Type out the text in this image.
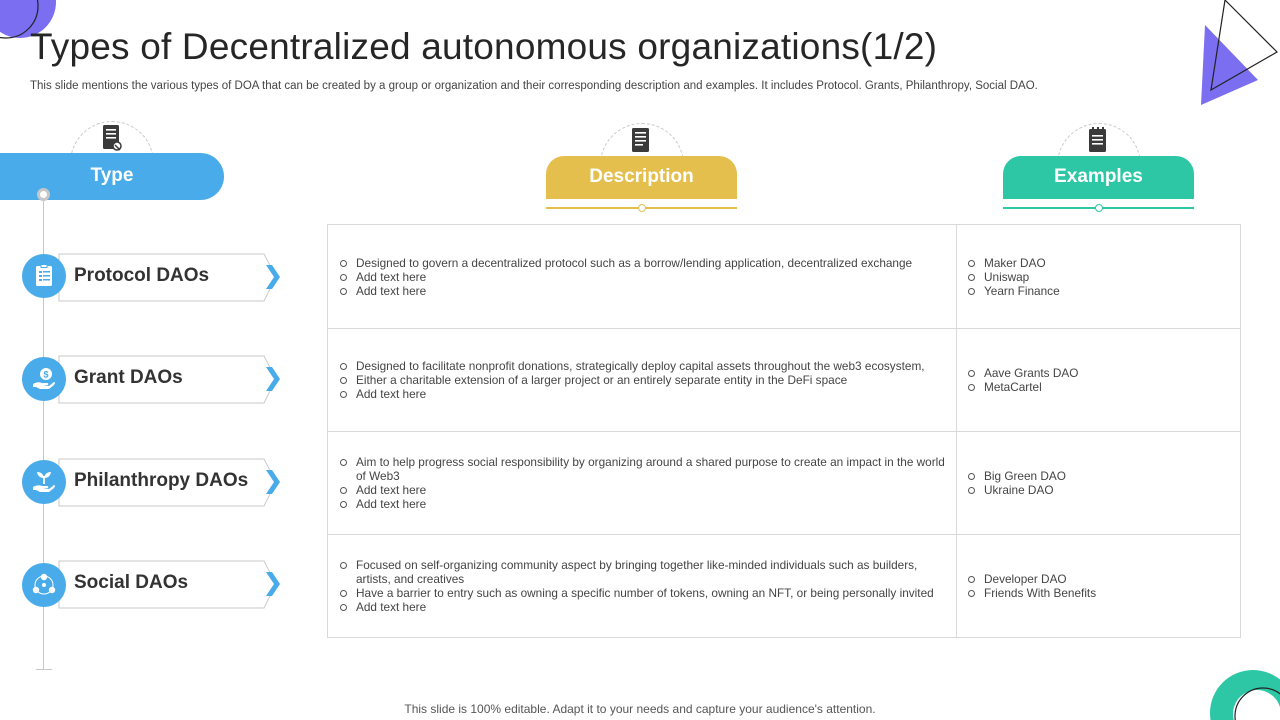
Types of Decentralized autonomous organizations(1/2)
This slide mentions the various types of DOA that can be created by a group or organization and their corresponding description and examples. It includes Protocol. Grants, Philanthropy, Social DAO.
Type	Description	Examples
Protocol DAOs
Grant DAOs
$
Philanthropy DAOs
Social DAOs
Designed to govern a decentralized protocol such as a borrow/lending application, decentralized exchange
Add text here
Add text here
Maker DAO
Uniswap
Yearn Finance
Designed to facilitate nonprofit donations, strategically deploy capital assets throughout the web3 ecosystem,
Either a charitable extension of a larger project or an entirely separate entity in the DeFi space
Add text here
Aave Grants DAO
MetaCartel
Aim to help progress social responsibility by organizing around a shared purpose to create an impact in the world of Web3
Add text here
Add text here
Big Green DAO
Ukraine DAO
Focused on self-organizing community aspect by bringing together like-minded individuals such as builders, artists, and creatives
Have a barrier to entry such as owning a specific number of tokens, owning an NFT, or being personally invited
Add text here
Developer DAO
Friends With Benefits
This slide is 100% editable. Adapt it to your needs and capture your audience's attention.
